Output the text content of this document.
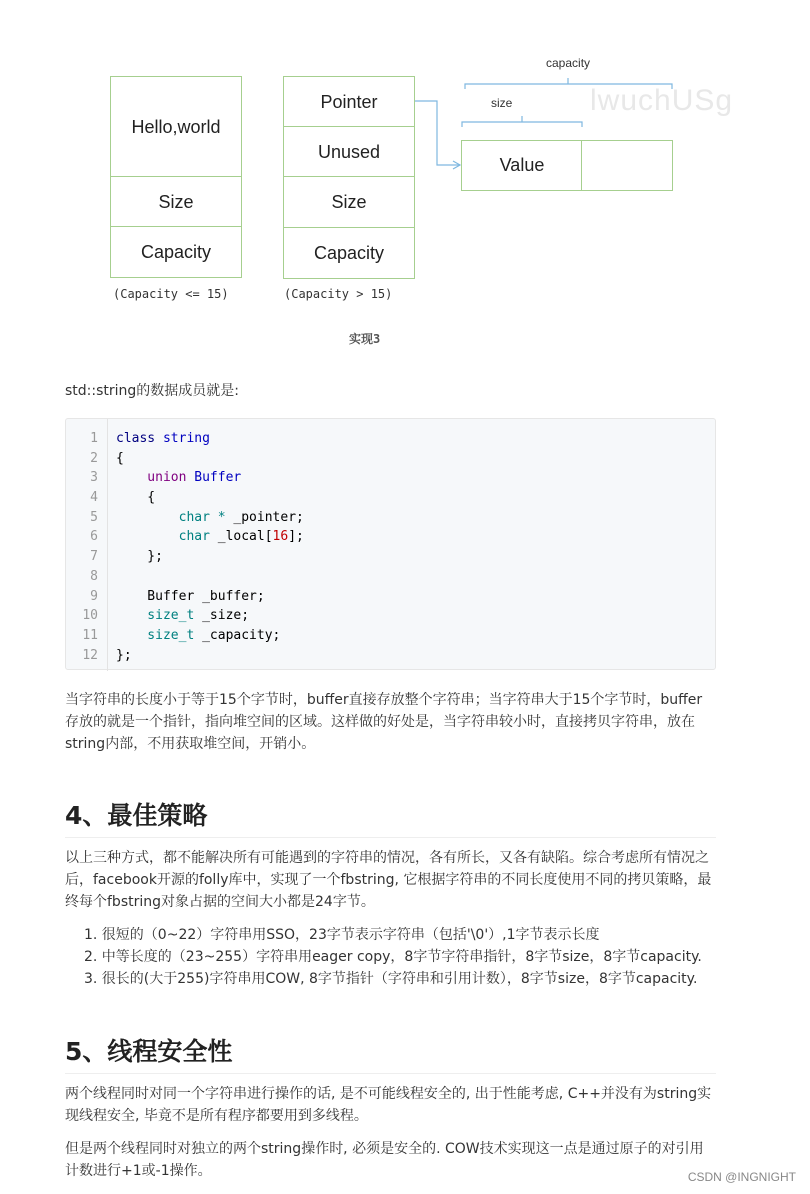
lwuchUSg
Hello,world
Size
Capacity
(Capacity <= 15)
Pointer
Unused
Size
Capacity
(Capacity > 15)
Value
capacity
size
实现3
std::string的数据成员就是:
1 class string
2 {
3 union Buffer
4 {
5 char * _pointer;
6 char _local[16];
7 };
8
9 Buffer _buffer;
10 size_t _size;
11 size_t _capacity;
12 };
当字符串的长度小于等于15个字节时，buffer直接存放整个字符串；当字符串大于15个字节时，buffer存放的就是一个指针，指向堆空间的区域。这样做的好处是，当字符串较小时，直接拷贝字符串，放在string内部，不用获取堆空间，开销小。
4、最佳策略
以上三种方式，都不能解决所有可能遇到的字符串的情况，各有所长，又各有缺陷。综合考虑所有情况之后，facebook开源的folly库中，实现了一个fbstring, 它根据字符串的不同长度使用不同的拷贝策略，最终每个fbstring对象占据的空间大小都是24字节。
1. 很短的（0~22）字符串用SSO，23字节表示字符串（包括'\0'）,1字节表示长度
2. 中等长度的（23~255）字符串用eager copy，8字节字符串指针，8字节size，8字节capacity.
3. 很长的(大于255)字符串用COW, 8字节指针（字符串和引用计数），8字节size，8字节capacity.
5、线程安全性
两个线程同时对同一个字符串进行操作的话, 是不可能线程安全的, 出于性能考虑, C++并没有为string实现线程安全, 毕竟不是所有程序都要用到多线程。
但是两个线程同时对独立的两个string操作时, 必须是安全的. COW技术实现这一点是通过原子的对引用计数进行+1或-1操作。	CSDN @INGNIGHT
